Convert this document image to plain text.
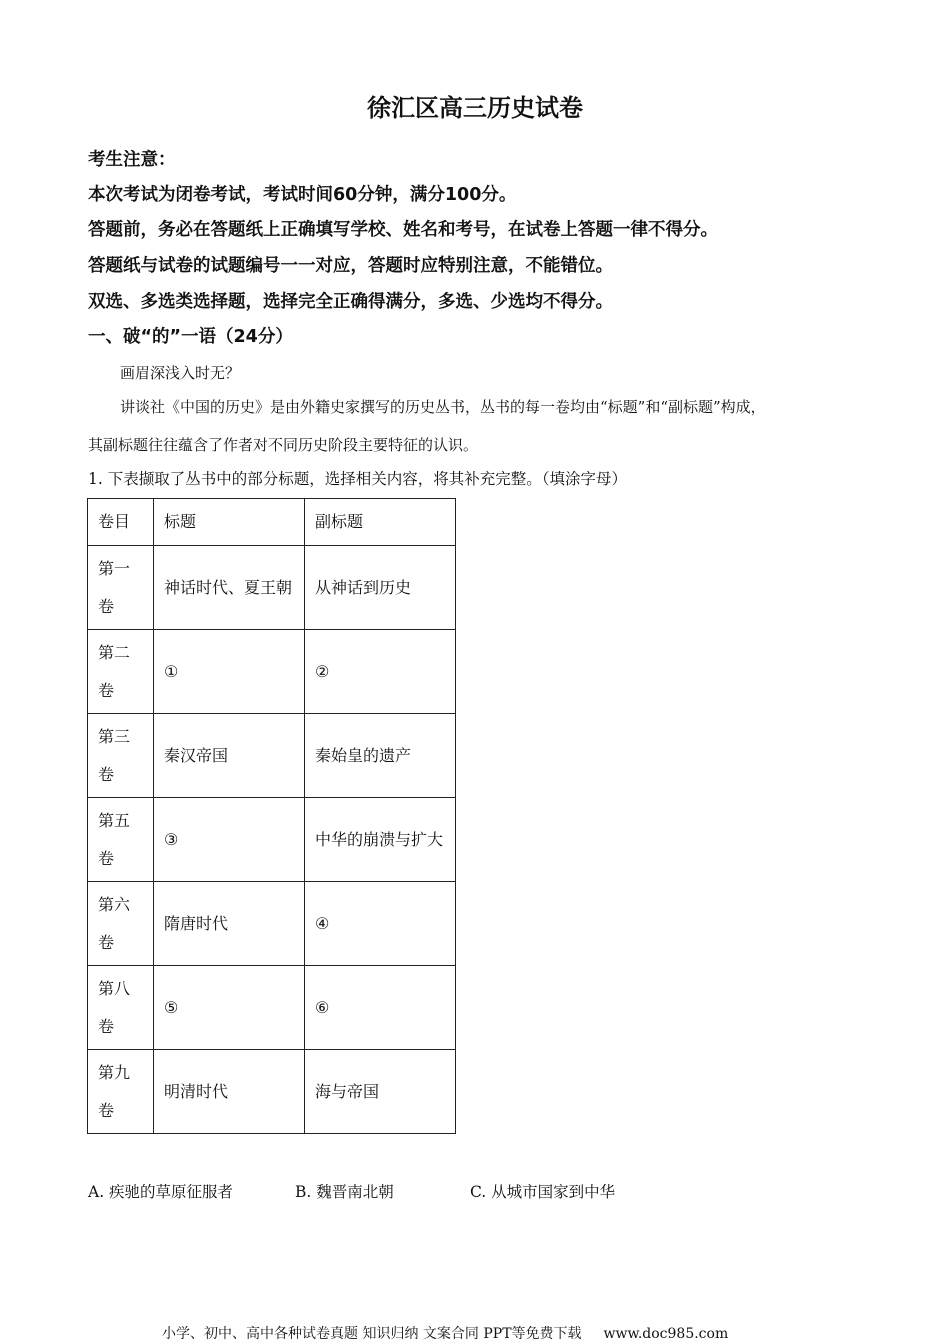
徐汇区高三历史试卷
考生注意：
本次考试为闭卷考试，考试时间60分钟，满分100分。
答题前，务必在答题纸上正确填写学校、姓名和考号，在试卷上答题一律不得分。
答题纸与试卷的试题编号一一对应，答题时应特别注意，不能错位。
双选、多选类选择题，选择完全正确得满分，多选、少选均不得分。
一、破“的”一语（24分）
画眉深浅入时无？
讲谈社《中国的历史》是由外籍史家撰写的历史丛书，丛书的每一卷均由“标题”和“副标题”构成，
其副标题往往蕴含了作者对不同历史阶段主要特征的认识。
1. 下表撷取了丛书中的部分标题，选择相关内容，将其补充完整。（填涂字母）
卷目	标题	副标题
第一卷	神话时代、夏王朝	从神话到历史
第二卷	①	②
第三卷	秦汉帝国	秦始皇的遗产
第五卷	③	中华的崩溃与扩大
第六卷	隋唐时代	④
第八卷	⑤	⑥
第九卷	明清时代	海与帝国
A. 疾驰的草原征服者	B. 魏晋南北朝	C. 从城市国家到中华
小学、初中、高中各种试卷真题 知识归纳 文案合同 PPT等免费下载 www.doc985.com
